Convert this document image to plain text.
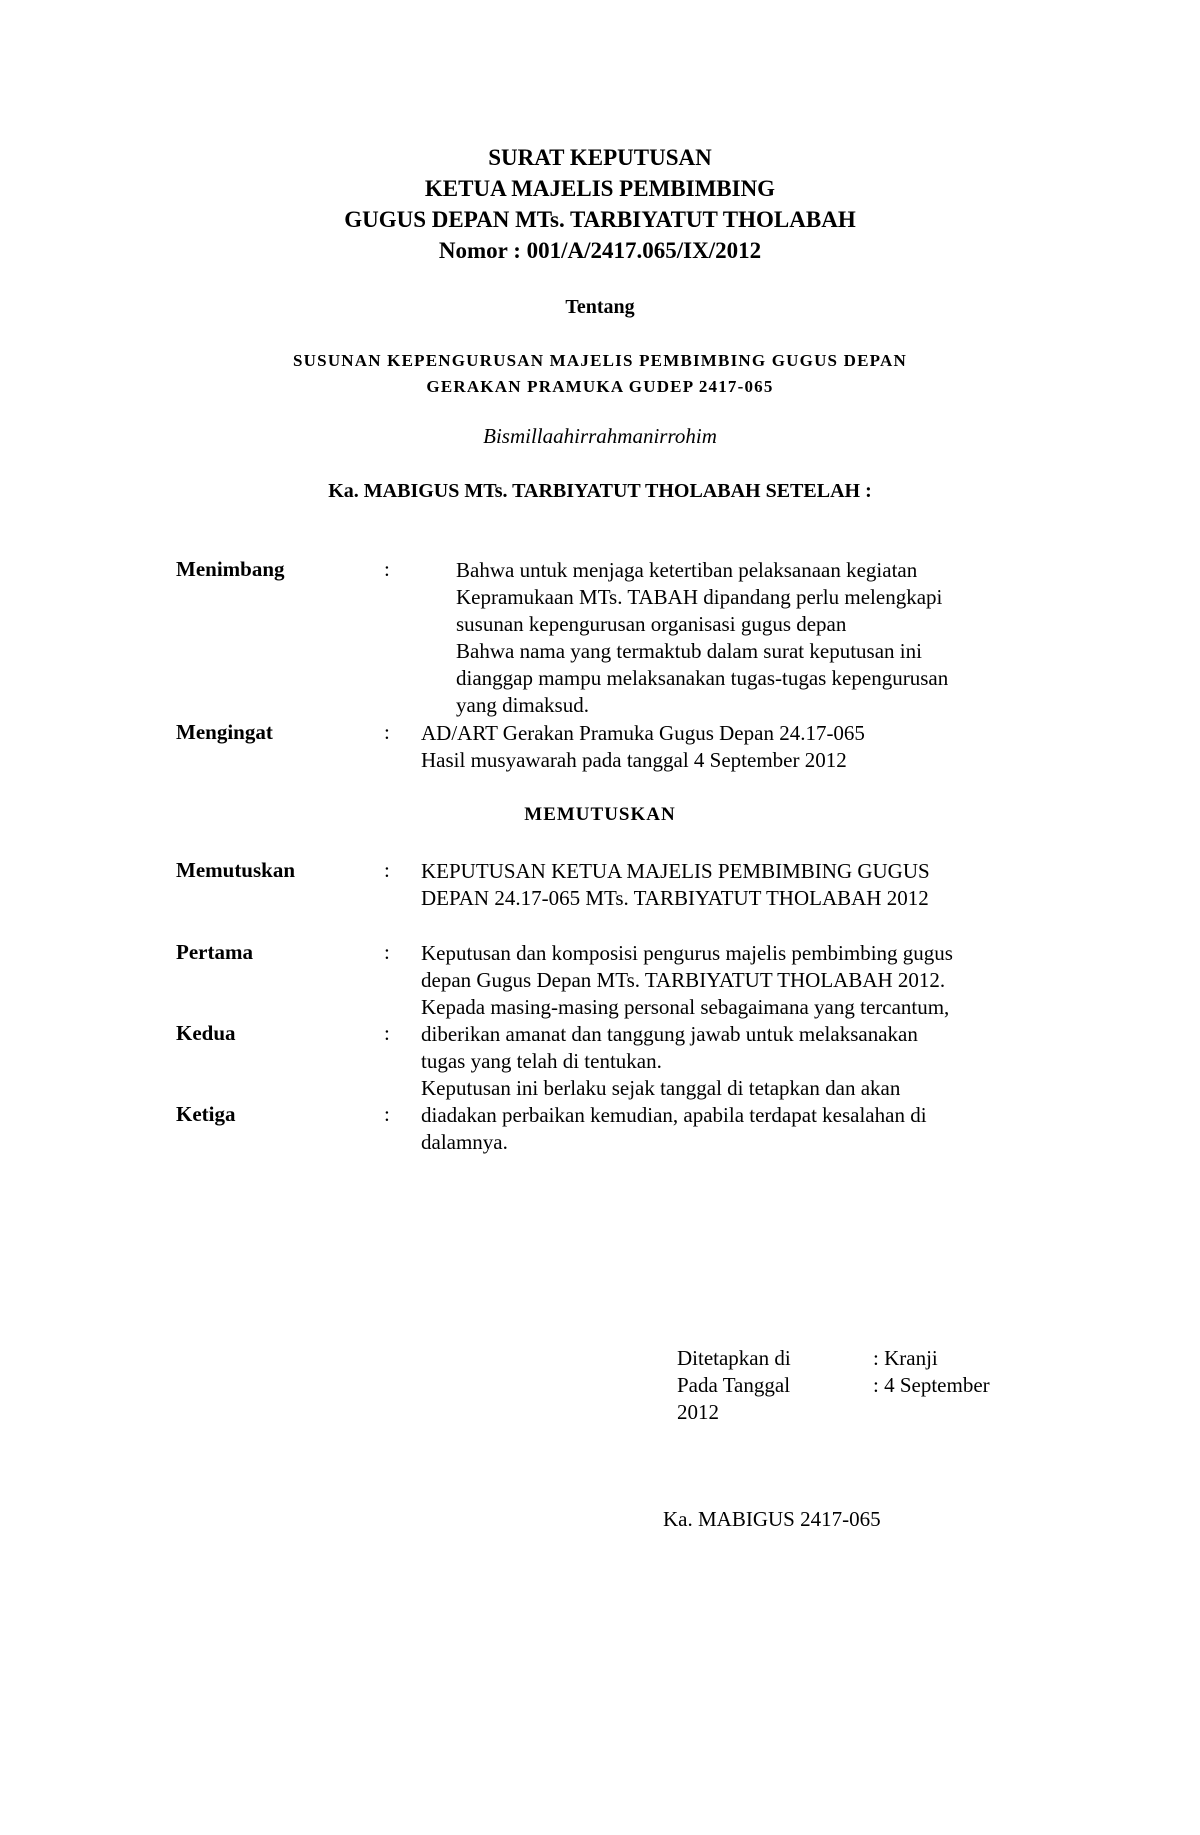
SURAT KEPUTUSAN
KETUA MAJELIS PEMBIMBING
GUGUS DEPAN MTs. TARBIYATUT THOLABAH
Nomor : 001/A/2417.065/IX/2012
Tentang
SUSUNAN KEPENGURUSAN MAJELIS PEMBIMBING GUGUS DEPAN
GERAKAN PRAMUKA GUDEP 2417-065
Bismillaahirrahmanirrohim
Ka. MABIGUS MTs. TARBIYATUT THOLABAH SETELAH :
Menimbang	:	Bahwa untuk menjaga ketertiban pelaksanaan kegiatan
Kepramukaan MTs. TABAH dipandang perlu melengkapi
susunan kepengurusan organisasi gugus depan
Bahwa nama yang termaktub dalam surat keputusan ini
dianggap mampu melaksanakan tugas-tugas kepengurusan
yang dimaksud.
Mengingat	: AD/ART Gerakan Pramuka Gugus Depan 24.17-065
Hasil musyawarah pada tanggal 4 September 2012
MEMUTUSKAN
Memutuskan	: KEPUTUSAN KETUA MAJELIS PEMBIMBING GUGUS
DEPAN 24.17-065 MTs. TARBIYATUT THOLABAH 2012
Pertama	: Keputusan dan komposisi pengurus majelis pembimbing gugus
depan Gugus Depan MTs. TARBIYATUT THOLABAH 2012.
Kedua	:
Kepada masing-masing personal sebagaimana yang tercantum,
diberikan amanat dan tanggung jawab untuk melaksanakan
tugas yang telah di tentukan.
Ketiga	:
Keputusan ini berlaku sejak tanggal di tetapkan dan akan
diadakan perbaikan kemudian, apabila terdapat kesalahan di
dalamnya.
Ditetapkan di	: Kranji
Pada Tanggal	: 4 September
2012
Ka. MABIGUS 2417-065
